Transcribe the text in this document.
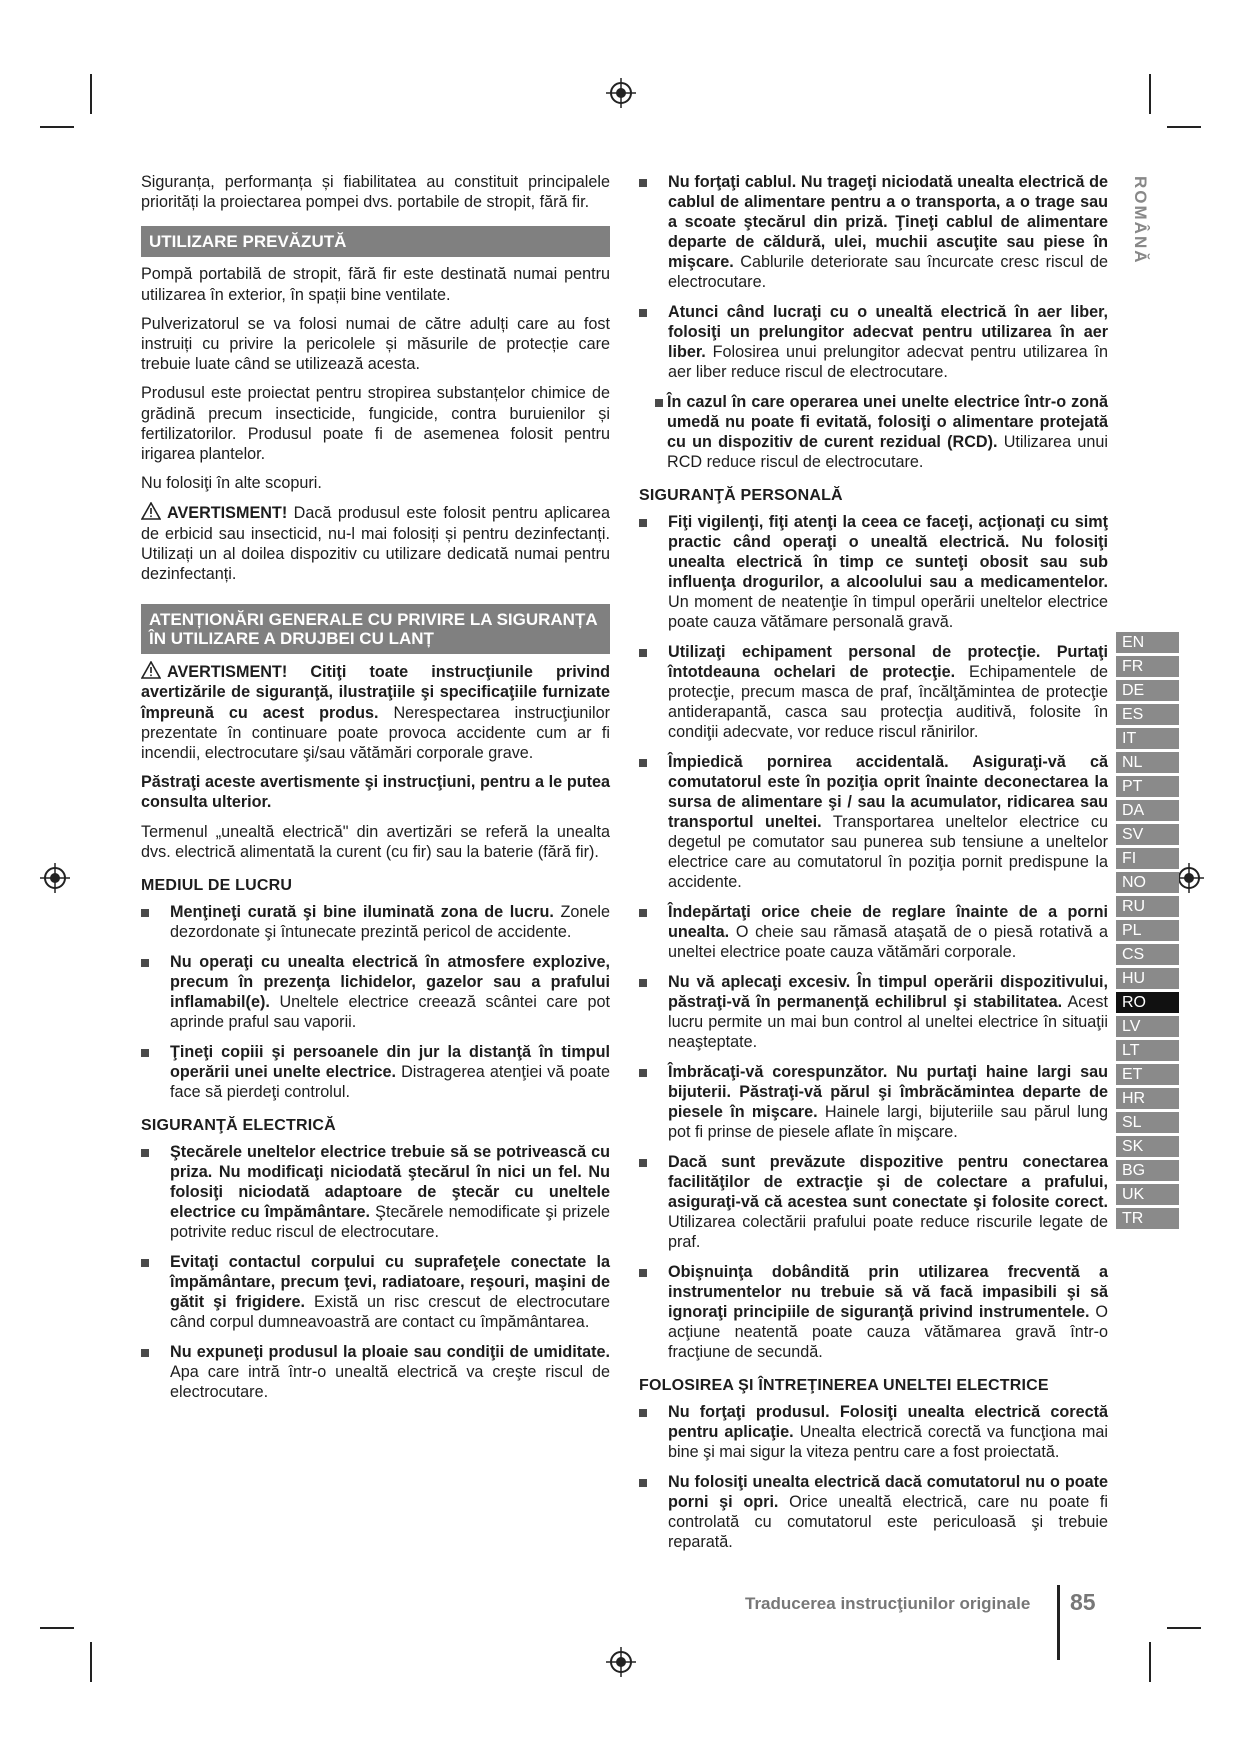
Siguranța, performanța și fiabilitatea au constituit principalele priorități la proiectarea pompei dvs. portabile de stropit, fără fir.

UTILIZARE PREVĂZUTĂ

Pompă portabilă de stropit, fără fir este destinată numai pentru utilizarea în exterior, în spații bine ventilate.

Pulverizatorul se va folosi numai de către adulți care au fost instruiți cu privire la pericolele și măsurile de protecție care trebuie luate când se utilizează acesta.

Produsul este proiectat pentru stropirea substanțelor chimice de grădină precum insecticide, fungicide, contra buruienilor și fertilizatorilor. Produsul poate fi de asemenea folosit pentru irigarea plantelor.

Nu folosiţi în alte scopuri.

AVERTISMENT! Dacă produsul este folosit pentru aplicarea de erbicid sau insecticid, nu-l mai folosiți și pentru dezinfectanți. Utilizați un al doilea dispozitiv cu utilizare dedicată numai pentru dezinfectanți.

ATENȚIONĂRI GENERALE CU PRIVIRE LA SIGURANȚA ÎN UTILIZARE A DRUJBEI CU LANȚ

AVERTISMENT! Citiţi toate instrucţiunile privind avertizările de siguranţă, ilustraţiile şi specificaţiile furnizate împreună cu acest produs. Nerespectarea instrucţiunilor prezentate în continuare poate provoca accidente cum ar fi incendii, electrocutare şi/sau vătămări corporale grave.

Păstraţi aceste avertismente şi instrucţiuni, pentru a le putea consulta ulterior.

Termenul „unealtă electrică" din avertizări se referă la unealta dvs. electrică alimentată la curent (cu fir) sau la baterie (fără fir).

MEDIUL DE LUCRU
Menţineţi curată şi bine iluminată zona de lucru. Zonele dezordonate şi întunecate prezintă pericol de accidente.
Nu operaţi cu unealta electrică în atmosfere explozive, precum în prezenţa lichidelor, gazelor sau a prafului inflamabil(e). Uneltele electrice creează scântei care pot aprinde praful sau vaporii.
Ţineţi copiii şi persoanele din jur la distanţă în timpul operării unei unelte electrice. Distragerea atenţiei vă poate face să pierdeţi controlul.
SIGURANŢĂ ELECTRICĂ
Ştecărele uneltelor electrice trebuie să se potrivească cu priza. Nu modificaţi niciodată ştecărul în nici un fel. Nu folosiţi niciodată adaptoare de ştecăr cu uneltele electrice cu împământare. Ştecărele nemodificate şi prizele potrivite reduc riscul de electrocutare.
Evitaţi contactul corpului cu suprafeţele conectate la împământare, precum ţevi, radiatoare, reşouri, maşini de gătit şi frigidere. Există un risc crescut de electrocutare când corpul dumneavoastră are contact cu împământarea.
Nu expuneţi produsul la ploaie sau condiţii de umiditate. Apa care intră într-o unealtă electrică va creşte riscul de electrocutare.
Nu forţaţi cablul. Nu trageţi niciodată unealta electrică de cablul de alimentare pentru a o transporta, a o trage sau a scoate ştecărul din priză. Ţineţi cablul de alimentare departe de căldură, ulei, muchii ascuţite sau piese în mişcare. Cablurile deteriorate sau încurcate cresc riscul de electrocutare.
Atunci când lucraţi cu o unealtă electrică în aer liber, folosiţi un prelungitor adecvat pentru utilizarea în aer liber. Folosirea unui prelungitor adecvat pentru utilizarea în aer liber reduce riscul de electrocutare.
În cazul în care operarea unei unelte electrice într-o zonă umedă nu poate fi evitată, folosiţi o alimentare protejată cu un dispozitiv de curent rezidual (RCD). Utilizarea unui RCD reduce riscul de electrocutare.
SIGURANŢĂ PERSONALĂ
Fiţi vigilenţi, fiţi atenţi la ceea ce faceţi, acţionaţi cu simţ practic când operaţi o unealtă electrică. Nu folosiţi unealta electrică în timp ce sunteţi obosit sau sub influenţa drogurilor, a alcoolului sau a medicamentelor. Un moment de neatenţie în timpul operării uneltelor electrice poate cauza vătămare personală gravă.
Utilizaţi echipament personal de protecţie. Purtaţi întotdeauna ochelari de protecţie. Echipamentele de protecţie, precum masca de praf, încălţămintea de protecţie antiderapantă, casca sau protecţia auditivă, folosite în condiţii adecvate, vor reduce riscul rănirilor.
Împiedică pornirea accidentală. Asiguraţi-vă că comutatorul este în poziţia oprit înainte deconectarea la sursa de alimentare şi / sau la acumulator, ridicarea sau transportul uneltei. Transportarea uneltelor electrice cu degetul pe comutator sau punerea sub tensiune a uneltelor electrice care au comutatorul în poziţia pornit predispune la accidente.
Îndepărtaţi orice cheie de reglare înainte de a porni unealta. O cheie sau rămasă ataşată de o piesă rotativă a uneltei electrice poate cauza vătămări corporale.
Nu vă aplecaţi excesiv. În timpul operării dispozitivului, păstraţi-vă în permanenţă echilibrul şi stabilitatea. Acest lucru permite un mai bun control al uneltei electrice în situaţii neaşteptate.
Îmbrăcaţi-vă corespunzător. Nu purtaţi haine largi sau bijuterii. Păstraţi-vă părul şi îmbrăcămintea departe de piesele în mişcare. Hainele largi, bijuteriile sau părul lung pot fi prinse de piesele aflate în mişcare.
Dacă sunt prevăzute dispozitive pentru conectarea facilităţilor de extracţie şi de colectare a prafului, asiguraţi-vă că acestea sunt conectate şi folosite corect. Utilizarea colectării prafului poate reduce riscurile legate de praf.
Obişnuinţa dobândită prin utilizarea frecventă a instrumentelor nu trebuie să vă facă impasibili şi să ignoraţi principiile de siguranţă privind instrumentele. O acţiune neatentă poate cauza vătămarea gravă într-o fracţiune de secundă.
FOLOSIREA ŞI ÎNTREŢINEREA UNELTEI ELECTRICE
Nu forţaţi produsul. Folosiţi unealta electrică corectă pentru aplicaţie. Unealta electrică corectă va funcţiona mai bine şi mai sigur la viteza pentru care a fost proiectată.
Nu folosiţi unealta electrică dacă comutatorul nu o poate porni şi opri. Orice unealtă electrică, care nu poate fi controlată cu comutatorul este periculoasă şi trebuie reparată.
ROMÂNĂ
EN
FR
DE
ES
IT
NL
PT
DA
SV
FI
NO
RU
PL
CS
HU
RO
LV
LT
ET
HR
SL
SK
BG
UK
TR
Traducerea instrucţiunilor originale 85
